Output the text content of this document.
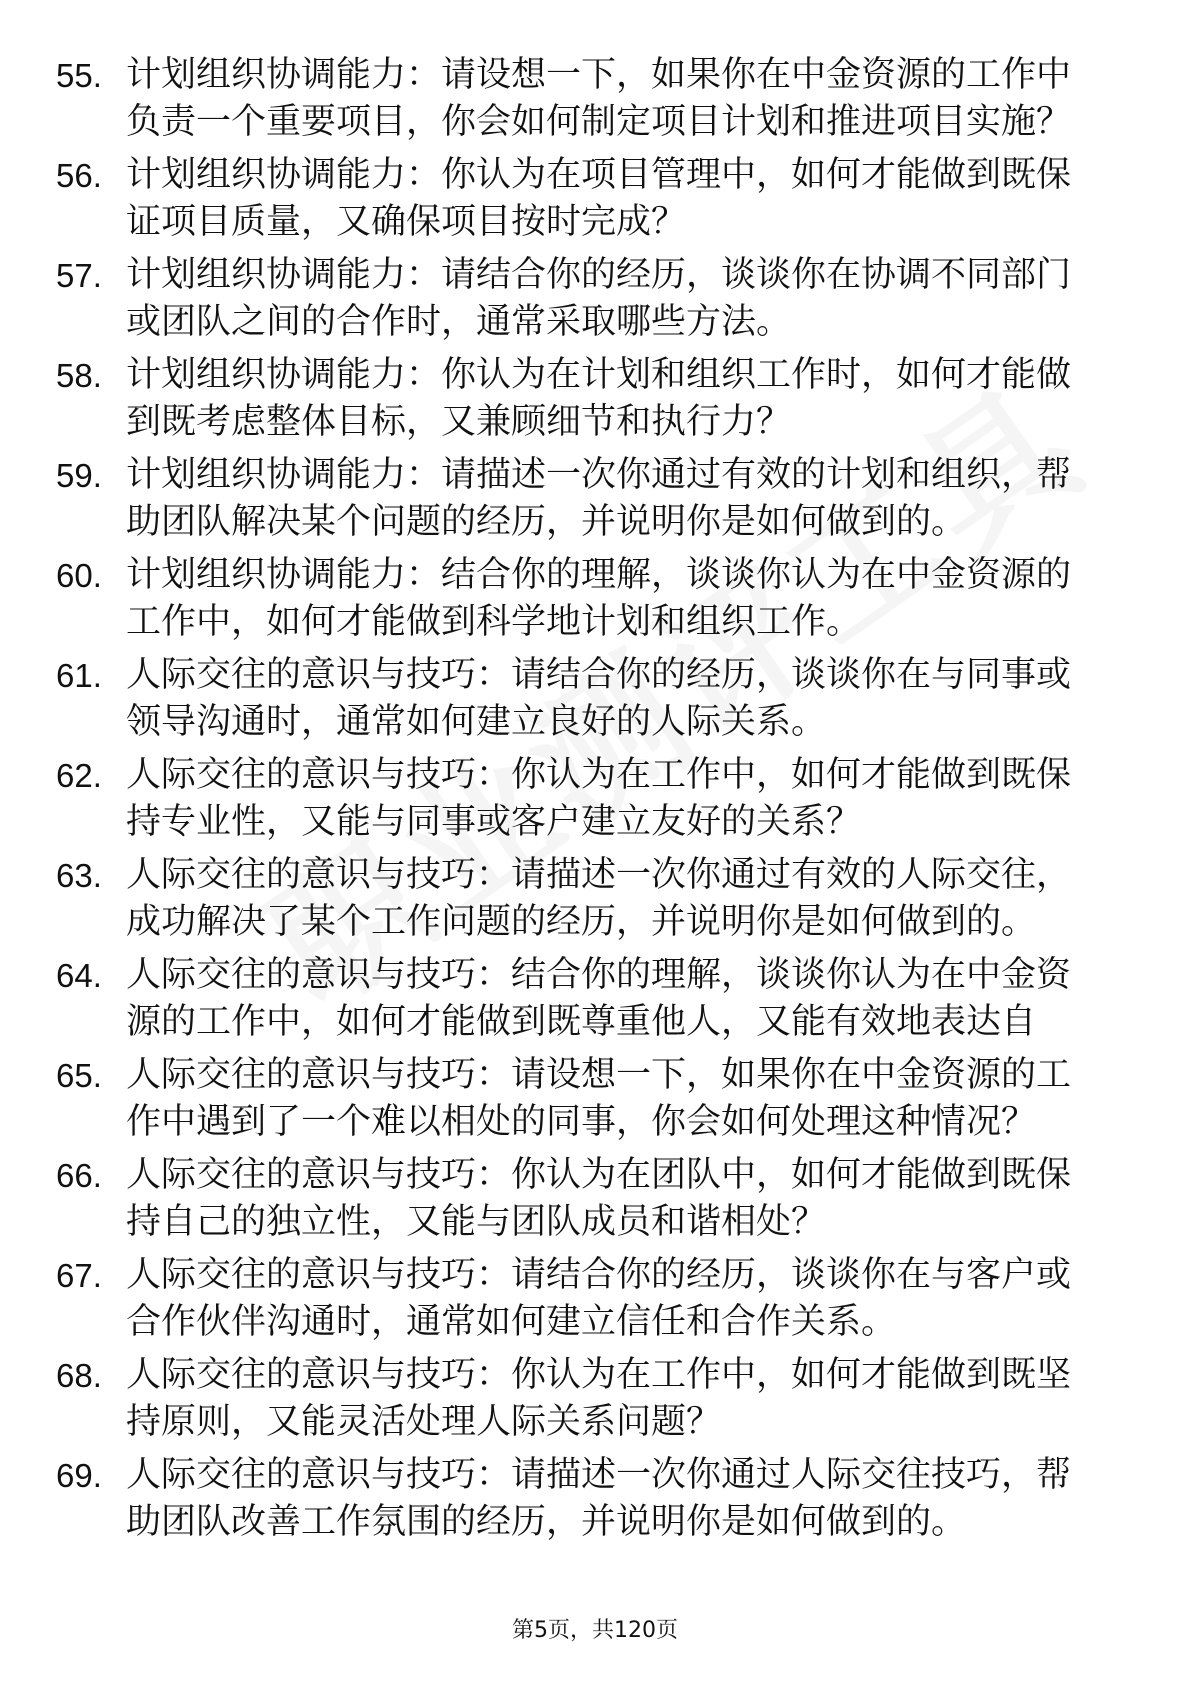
55. 计划组织协调能力：请设想一下，如果你在中金资源的工作中负责一个重要项目，你会如何制定项目计划和推进项目实施？
56. 计划组织协调能力：你认为在项目管理中，如何才能做到既保证项目质量，又确保项目按时完成？
57. 计划组织协调能力：请结合你的经历，谈谈你在协调不同部门或团队之间的合作时，通常采取哪些方法。
58. 计划组织协调能力：你认为在计划和组织工作时，如何才能做到既考虑整体目标，又兼顾细节和执行力？
59. 计划组织协调能力：请描述一次你通过有效的计划和组织，帮助团队解决某个问题的经历，并说明你是如何做到的。
60. 计划组织协调能力：结合你的理解，谈谈你认为在中金资源的工作中，如何才能做到科学地计划和组织工作。
61. 人际交往的意识与技巧：请结合你的经历，谈谈你在与同事或领导沟通时，通常如何建立良好的人际关系。
62. 人际交往的意识与技巧：你认为在工作中，如何才能做到既保持专业性，又能与同事或客户建立友好的关系？
63. 人际交往的意识与技巧：请描述一次你通过有效的人际交往，成功解决了某个工作问题的经历，并说明你是如何做到的。
64. 人际交往的意识与技巧：结合你的理解，谈谈你认为在中金资源的工作中，如何才能做到既尊重他人，又能有效地表达自
65. 人际交往的意识与技巧：请设想一下，如果你在中金资源的工作中遇到了一个难以相处的同事，你会如何处理这种情况？
66. 人际交往的意识与技巧：你认为在团队中，如何才能做到既保持自己的独立性，又能与团队成员和谐相处？
67. 人际交往的意识与技巧：请结合你的经历，谈谈你在与客户或合作伙伴沟通时，通常如何建立信任和合作关系。
68. 人际交往的意识与技巧：你认为在工作中，如何才能做到既坚持原则，又能灵活处理人际关系问题？
69. 人际交往的意识与技巧：请描述一次你通过人际交往技巧，帮助团队改善工作氛围的经历，并说明你是如何做到的。
第5页，共120页
